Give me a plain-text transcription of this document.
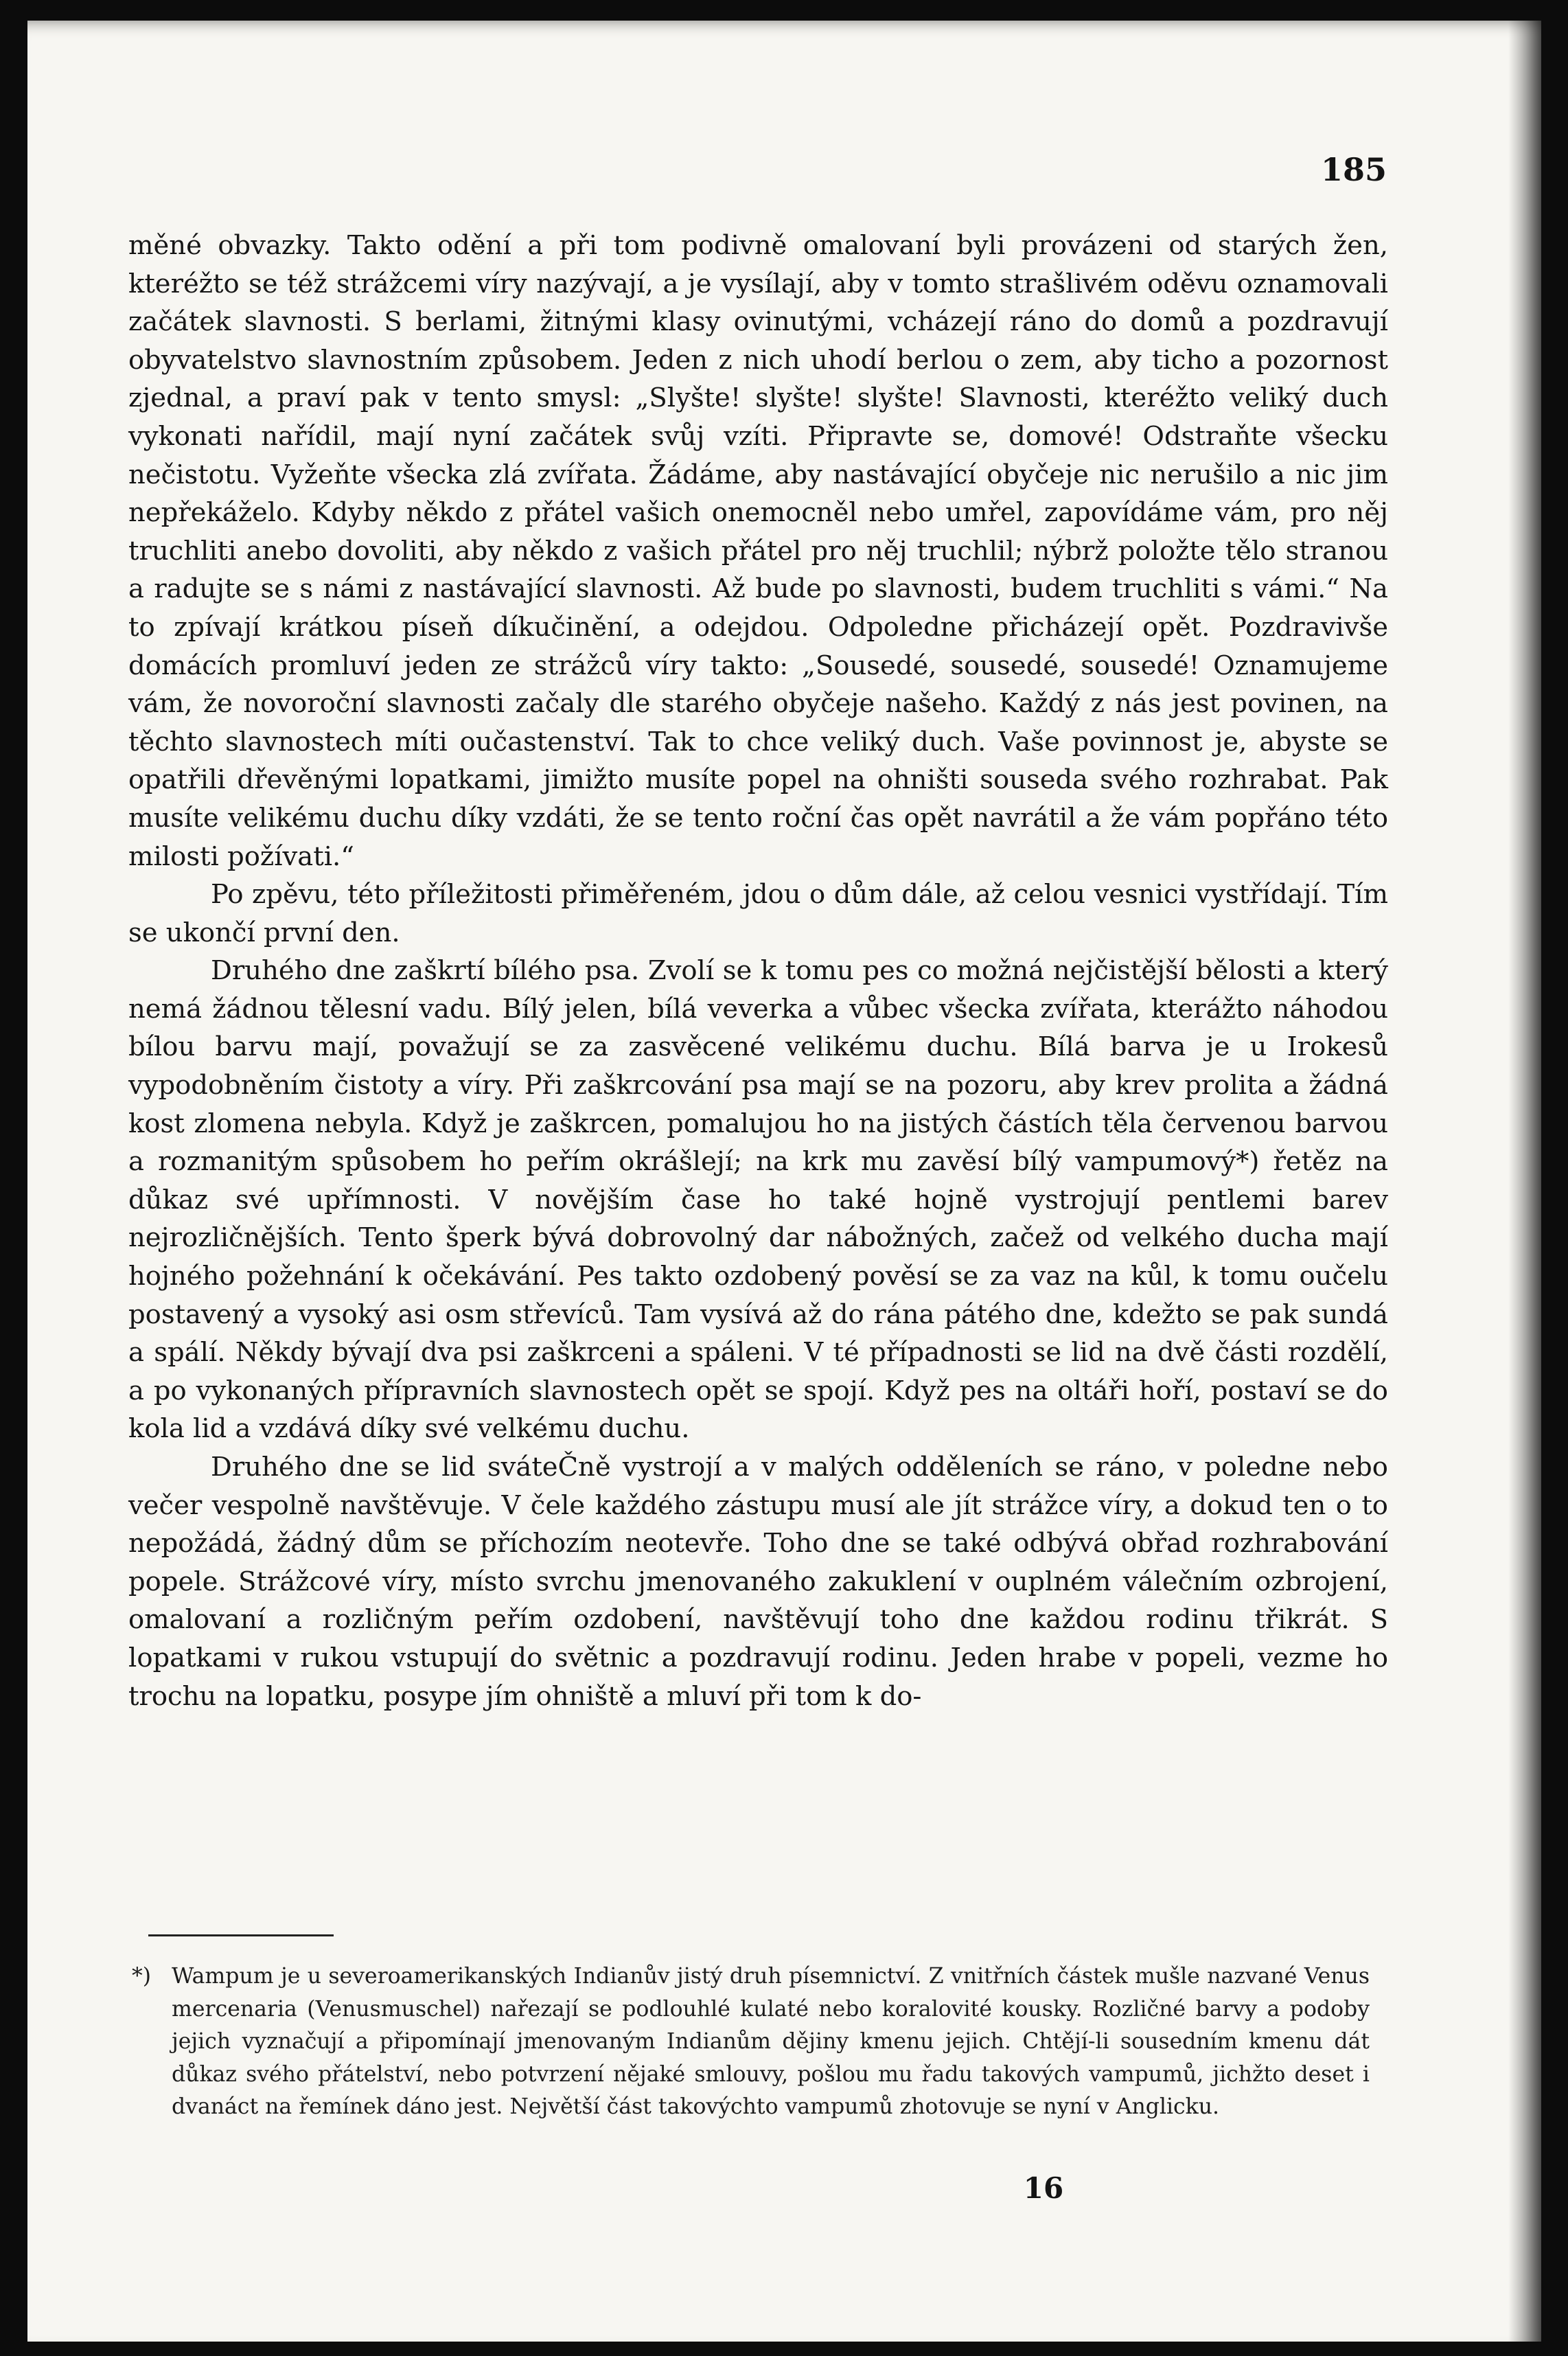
185

měné obvazky. Takto odění a při tom podivně omalovaní byli provázeni od starých žen, kteréžto se též strážcemi víry nazývají, a je vysílají, aby v tomto strašlivém oděvu oznamovali začátek slavnosti. S berlami, žitnými klasy ovinutými, vcházejí ráno do domů a pozdravují obyvatelstvo slavnostním způsobem. Jeden z nich uhodí berlou o zem, aby ticho a pozornost zjednal, a praví pak v tento smysl: „Slyšte! slyšte! slyšte! Slavnosti, kteréžto veliký duch vykonati nařídil, mají nyní začátek svůj vzíti. Připravte se, domové! Odstraňte všecku nečistotu. Vyžeňte všecka zlá zvířata. Žádáme, aby nastávající obyčeje nic nerušilo a nic jim nepřekáželo. Kdyby někdo z přátel vašich onemocněl nebo umřel, zapovídáme vám, pro něj truchliti anebo dovoliti, aby někdo z vašich přátel pro něj truchlil; nýbrž položte tělo stranou a radujte se s námi z nastávající slavnosti. Až bude po slavnosti, budem truchliti s vámi.“ Na to zpívají krátkou píseň díkučinění, a odejdou. Odpoledne přicházejí opět. Pozdravivše domácích promluví jeden ze strážců víry takto: „Sousedé, sousedé, sousedé! Oznamujeme vám, že novoroční slavnosti začaly dle starého obyčeje našeho. Každý z nás jest povinen, na těchto slavnostech míti oučastenství. Tak to chce veliký duch. Vaše povinnost je, abyste se opatřili dřevěnými lopatkami, jimižto musíte popel na ohništi souseda svého rozhrabat. Pak musíte velikému duchu díky vzdáti, že se tento roční čas opět navrátil a že vám popřáno této milosti požívati.“

Po zpěvu, této příležitosti přiměřeném, jdou o dům dále, až celou vesnici vystřídají. Tím se ukončí první den.

Druhého dne zaškrtí bílého psa. Zvolí se k tomu pes co možná nejčistější bělosti a který nemá žádnou tělesní vadu. Bílý jelen, bílá veverka a vůbec všecka zvířata, kterážto náhodou bílou barvu mají, považují se za zasvěcené velikému duchu. Bílá barva je u Irokesů vypodobněním čistoty a víry. Při zaškrcování psa mají se na pozoru, aby krev prolita a žádná kost zlomena nebyla. Když je zaškrcen, pomalujou ho na jistých částích těla červenou barvou a rozmanitým spůsobem ho peřím okrášlejí; na krk mu zavěsí bílý vampumový*) řetěz na důkaz své upřímnosti. V novějším čase ho také hojně vystrojují pentlemi barev nejrozličnějších. Tento šperk bývá dobrovolný dar nábožných, začež od velkého ducha mají hojného požehnání k očekávání. Pes takto ozdobený pověsí se za vaz na kůl, k tomu oučelu postavený a vysoký asi osm střevíců. Tam vysívá až do rána pátého dne, kdežto se pak sundá a spálí. Někdy bývají dva psi zaškrceni a spáleni. V té případnosti se lid na dvě části rozdělí, a po vykonaných přípravních slavnostech opět se spojí. Když pes na oltáři hoří, postaví se do kola lid a vzdává díky své velkému duchu.

Druhého dne se lid sváteČně vystrojí a v malých odděleních se ráno, v poledne nebo večer vespolně navštěvuje. V čele každého zástupu musí ale jít strážce víry, a dokud ten o to nepožádá, žádný dům se příchozím neotevře. Toho dne se také odbývá obřad rozhrabování popele. Strážcové víry, místo svrchu jmenovaného zakuklení v ouplném válečním ozbrojení, omalovaní a rozličným peřím ozdobení, navštěvují toho dne každou rodinu třikrát. S lopatkami v rukou vstupují do světnic a pozdravují rodinu. Jeden hrabe v popeli, vezme ho trochu na lopatku, posype jím ohniště a mluví při tom k do-

*) Wampum je u severoamerikanských Indianův jistý druh písemnictví. Z vnitřních částek mušle nazvané Venus mercenaria (Venusmuschel) nařezají se podlouhlé kulaté nebo koralovité kousky. Rozličné barvy a podoby jejich vyznačují a připomínají jmenovaným Indianům dějiny kmenu jejich. Chtějí-li sousedním kmenu dát důkaz svého přátelství, nebo potvrzení nějaké smlouvy, pošlou mu řadu takových vampumů, jichžto deset i dvanáct na řemínek dáno jest. Největší část takovýchto vampumů zhotovuje se nyní v Anglicku.
16
